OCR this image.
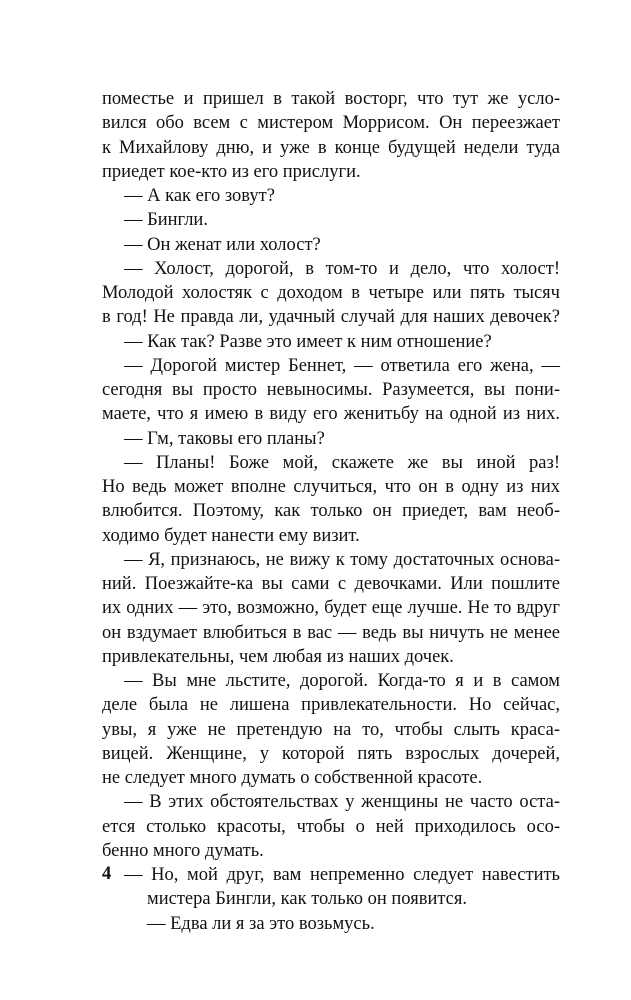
поместье и пришел в такой восторг, что тут же усло-
вился обо всем с мистером Моррисом. Он переезжает
к Михайлову дню, и уже в конце будущей недели туда
приедет кое-кто из его прислуги.
— А как его зовут?
— Бингли.
— Он женат или холост?
— Холост, дорогой, в том-то и дело, что холост!
Молодой холостяк с доходом в четыре или пять тысяч
в год! Не правда ли, удачный случай для наших девочек?
— Как так? Разве это имеет к ним отношение?
— Дорогой мистер Беннет, — ответила его жена, —
сегодня вы просто невыносимы. Разумеется, вы пони-
маете, что я имею в виду его женитьбу на одной из них.
— Гм, таковы его планы?
— Планы! Боже мой, скажете же вы иной раз!
Но ведь может вполне случиться, что он в одну из них
влюбится. Поэтому, как только он приедет, вам необ-
ходимо будет нанести ему визит.
— Я, признаюсь, не вижу к тому достаточных основа-
ний. Поезжайте-ка вы сами с девочками. Или пошлите
их одних — это, возможно, будет еще лучше. Не то вдруг
он вздумает влюбиться в вас — ведь вы ничуть не менее
привлекательны, чем любая из наших дочек.
— Вы мне льстите, дорогой. Когда-то я и в самом
деле была не лишена привлекательности. Но сейчас,
увы, я уже не претендую на то, чтобы слыть краса-
вицей. Женщине, у которой пять взрослых дочерей,
не следует много думать о собственной красоте.
— В этих обстоятельствах у женщины не часто оста-
ется столько красоты, чтобы о ней приходилось осо-
бенно много думать.
— Но, мой друг, вам непременно следует навестить
мистера Бингли, как только он появится.
— Едва ли я за это возьмусь.
4
